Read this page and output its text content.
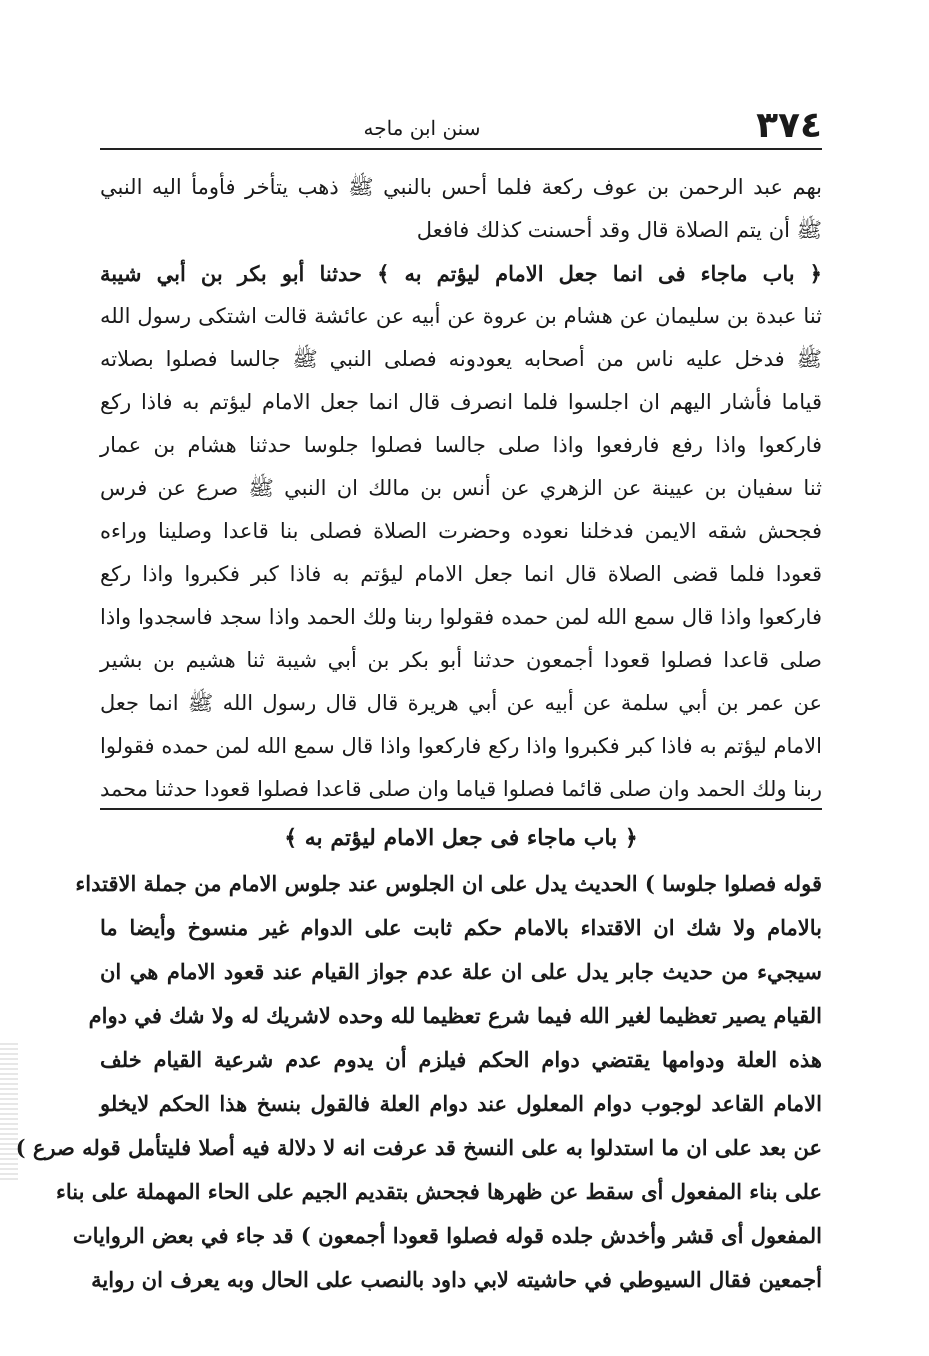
٣٧٤
سنن ابن ماجه
بهم عبد الرحمن بن عوف ركعة فلما أحس بالنبي ﷺ ذهب يتأخر فأومأ اليه النبي
ﷺ أن يتم الصلاة قال وقد أحسنت كذلك فافعل
﴿ باب ماجاء فی انما جعل الامام ليؤتم به ﴾ حدثنا أبو بكر بن أبي شيبة
ثنا عبدة بن سليمان عن هشام بن عروة عن أبيه عن عائشة قالت اشتكى رسول الله
ﷺ فدخل عليه ناس من أصحابه يعودونه فصلى النبي ﷺ جالسا فصلوا بصلاته
قياما فأشار اليهم ان اجلسوا فلما انصرف قال انما جعل الامام ليؤتم به فاذا ركع
فاركعوا واذا رفع فارفعوا واذا صلى جالسا فصلوا جلوسا حدثنا هشام بن عمار
ثنا سفيان بن عيينة عن الزهري عن أنس بن مالك ان النبي ﷺ صرع عن فرس
فجحش شقه الايمن فدخلنا نعوده وحضرت الصلاة فصلى بنا قاعدا وصلينا وراءه
قعودا فلما قضى الصلاة قال انما جعل الامام ليؤتم به فاذا كبر فكبروا واذا ركع
فاركعوا واذا قال سمع الله لمن حمده فقولوا ربنا ولك الحمد واذا سجد فاسجدوا واذا
صلى قاعدا فصلوا قعودا أجمعون حدثنا أبو بكر بن أبي شيبة ثنا هشيم بن بشير
عن عمر بن أبي سلمة عن أبيه عن أبي هريرة قال قال رسول الله ﷺ انما جعل
الامام ليؤتم به فاذا كبر فكبروا واذا ركع فاركعوا واذا قال سمع الله لمن حمده فقولوا
ربنا ولك الحمد وان صلى قائما فصلوا قياما وان صلى قاعدا فصلوا قعودا حدثنا محمد
﴿ باب ماجاء فی جعل الامام ليؤتم به ﴾
قوله فصلوا جلوسا ) الحديث يدل على ان الجلوس عند جلوس الامام من جملة الاقتداء
بالامام ولا شك ان الاقتداء بالامام حكم ثابت على الدوام غير منسوخ وأيضا ما
سيجيء من حديث جابر يدل على ان علة عدم جواز القيام عند قعود الامام هي ان
القيام يصير تعظيما لغير الله فيما شرع تعظيما لله وحده لاشريك له ولا شك في دوام
هذه العلة ودوامها يقتضي دوام الحكم فيلزم أن يدوم عدم شرعية القيام خلف
الامام القاعد لوجوب دوام المعلول عند دوام العلة فالقول بنسخ هذا الحكم لايخلو
عن بعد على ان ما استدلوا به على النسخ قد عرفت انه لا دلالة فيه أصلا فليتأمل قوله صرع )
على بناء المفعول أى سقط عن ظهرها فجحش بتقديم الجيم على الحاء المهملة على بناء
المفعول أى قشر وأخدش جلده قوله فصلوا قعودا أجمعون ) قد جاء في بعض الروايات
أجمعين فقال السيوطي في حاشيته لابي داود بالنصب على الحال وبه يعرف ان رواية
